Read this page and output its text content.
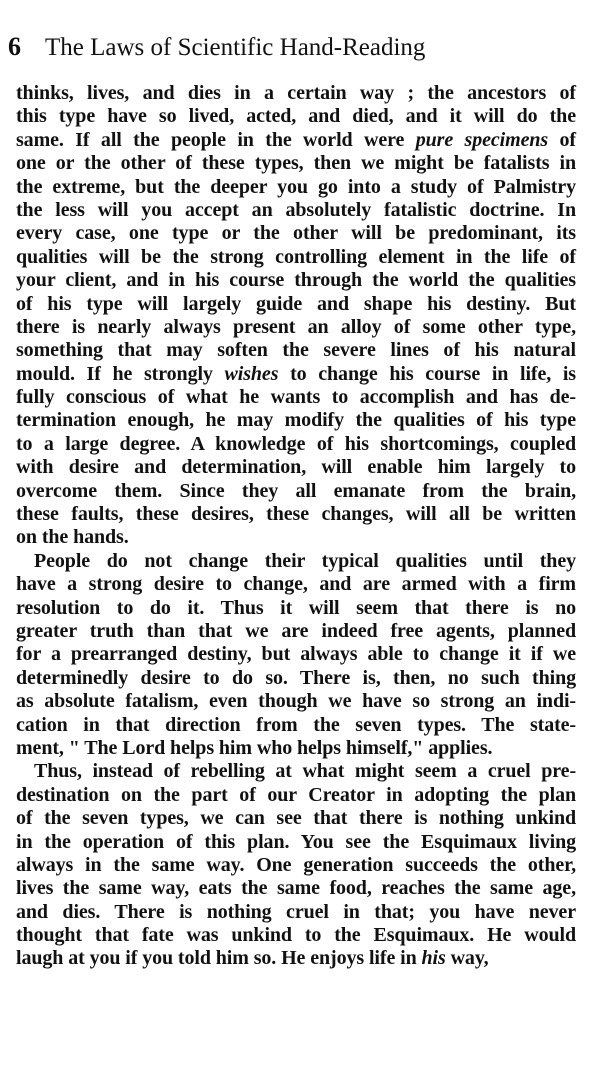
6 The Laws of Scientific Hand-Reading
thinks, lives, and dies in a certain way ; the ancestors of
this type have so lived, acted, and died, and it will do the
same. If all the people in the world were pure specimens of
one or the other of these types, then we might be fatalists in
the extreme, but the deeper you go into a study of Palmistry
the less will you accept an absolutely fatalistic doctrine. In
every case, one type or the other will be predominant, its
qualities will be the strong controlling element in the life of
your client, and in his course through the world the qualities
of his type will largely guide and shape his destiny. But
there is nearly always present an alloy of some other type,
something that may soften the severe lines of his natural
mould. If he strongly wishes to change his course in life, is
fully conscious of what he wants to accomplish and has de-
termination enough, he may modify the qualities of his type
to a large degree. A knowledge of his shortcomings, coupled
with desire and determination, will enable him largely to
overcome them. Since they all emanate from the brain,
these faults, these desires, these changes, will all be written
on the hands.
People do not change their typical qualities until they
have a strong desire to change, and are armed with a firm
resolution to do it. Thus it will seem that there is no
greater truth than that we are indeed free agents, planned
for a prearranged destiny, but always able to change it if we
determinedly desire to do so. There is, then, no such thing
as absolute fatalism, even though we have so strong an indi-
cation in that direction from the seven types. The state-
ment, " The Lord helps him who helps himself," applies.
Thus, instead of rebelling at what might seem a cruel pre-
destination on the part of our Creator in adopting the plan
of the seven types, we can see that there is nothing unkind
in the operation of this plan. You see the Esquimaux living
always in the same way. One generation succeeds the other,
lives the same way, eats the same food, reaches the same age,
and dies. There is nothing cruel in that; you have never
thought that fate was unkind to the Esquimaux. He would
laugh at you if you told him so. He enjoys life in his way,
